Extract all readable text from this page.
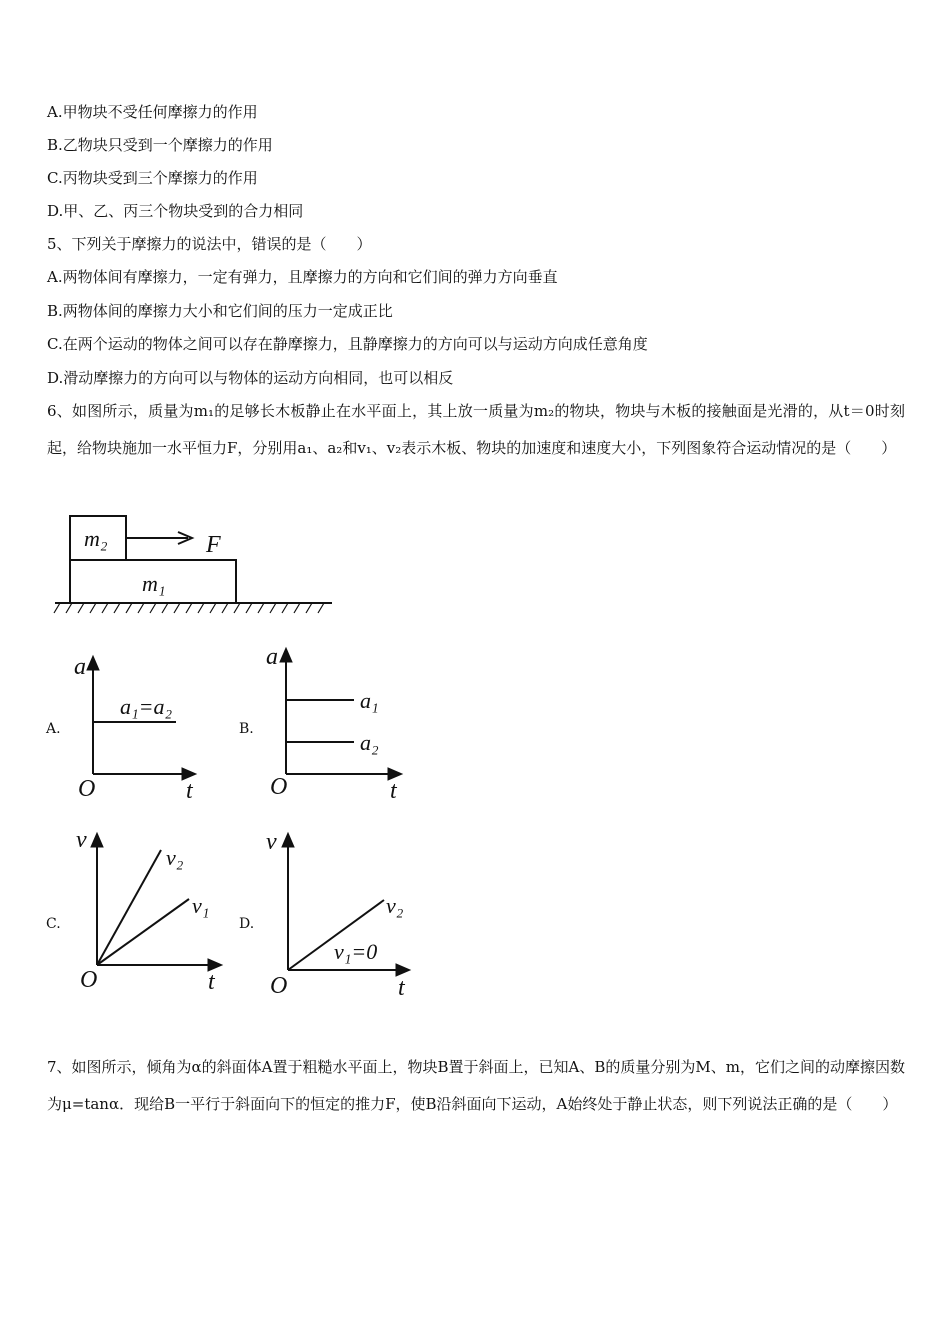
A.甲物块不受任何摩擦力的作用
B.乙物块只受到一个摩擦力的作用
C.丙物块受到三个摩擦力的作用
D.甲、乙、丙三个物块受到的合力相同
5、下列关于摩擦力的说法中，错误的是（　　）
A.两物体间有摩擦力，一定有弹力，且摩擦力的方向和它们间的弹力方向垂直
B.两物体间的摩擦力大小和它们间的压力一定成正比
C.在两个运动的物体之间可以存在静摩擦力，且静摩擦力的方向可以与运动方向成任意角度
D.滑动摩擦力的方向可以与物体的运动方向相同，也可以相反
6、如图所示，质量为m₁的足够长木板静止在水平面上，其上放一质量为m₂的物块，物块与木板的接触面是光滑的，从t＝0时刻起，给物块施加一水平恒力F，分别用a₁、a₂和v₁、v₂表示木板、物块的加速度和速度大小，下列图象符合运动情况的是（　　）
m₂
m₁
F
A.	B.
C.	D.
a
t
O
a₁=a₂
a
t
O
a₁
a₂
v
t
O
v₂
v₁
v
t
O
v₂
v₁=0
7、如图所示，倾角为α的斜面体A置于粗糙水平面上，物块B置于斜面上，已知A、B的质量分别为M、m，它们之间的动摩擦因数为μ=tanα．现给B一平行于斜面向下的恒定的推力F，使B沿斜面向下运动，A始终处于静止状态，则下列说法正确的是（　　）
